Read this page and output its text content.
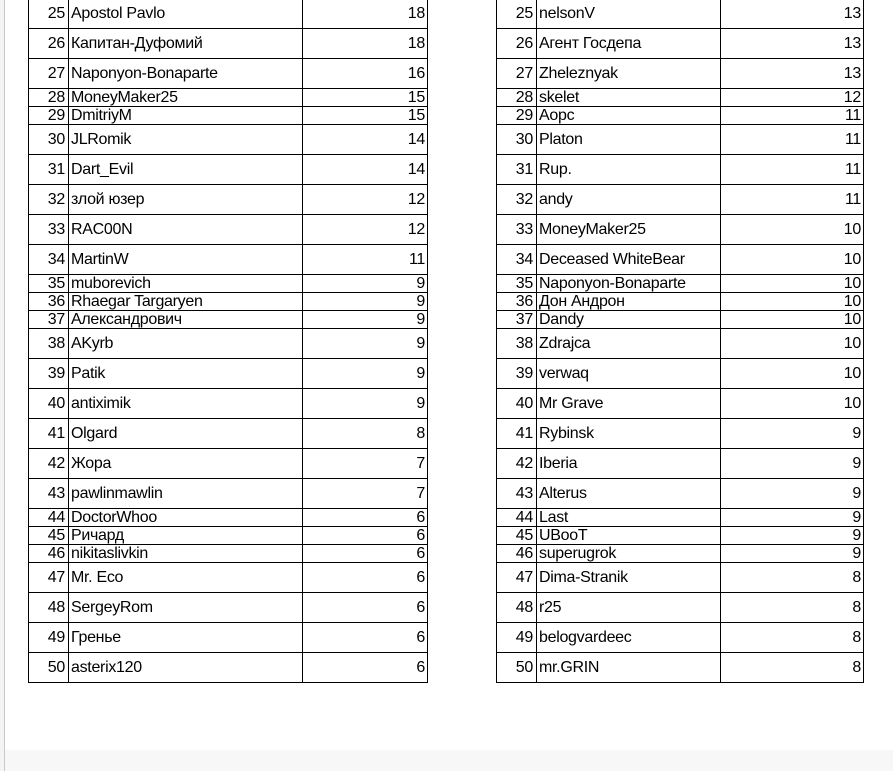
25	Apostol Pavlo	18
26	Капитан-Дуфомий	18
27	Naponyon-Bonaparte	16
28	MoneyMaker25	15
29	DmitriyM	15
30	JLRomik	14
31	Dart_Evil	14
32	злой юзер	12
33	RAC00N	12
34	MartinW	11
35	muborevich	9
36	Rhaegar Targaryen	9
37	Александрович	9
38	AKyrb	9
39	Patik	9
40	antiximik	9
41	Olgard	8
42	Жора	7
43	pawlinmawlin	7
44	DoctorWhoo	6
45	Ричард	6
46	nikitaslivkin	6
47	Mr. Eco	6
48	SergeyRom	6
49	Гренье	6
50	asterix120	6
25	nelsonV	13
26	Агент Госдепа	13
27	Zheleznyak	13
28	skelet	12
29	Aopc	11
30	Platon	11
31	Rup.	11
32	andy	11
33	MoneyMaker25	10
34	Deceased WhiteBear	10
35	Naponyon-Bonaparte	10
36	Дон Андрон	10
37	Dandy	10
38	Zdrajca	10
39	verwaq	10
40	Mr Grave	10
41	Rybinsk	9
42	Iberia	9
43	Alterus	9
44	Last	9
45	UBooT	9
46	superugrok	9
47	Dima-Stranik	8
48	r25	8
49	belogvardeec	8
50	mr.GRIN	8
